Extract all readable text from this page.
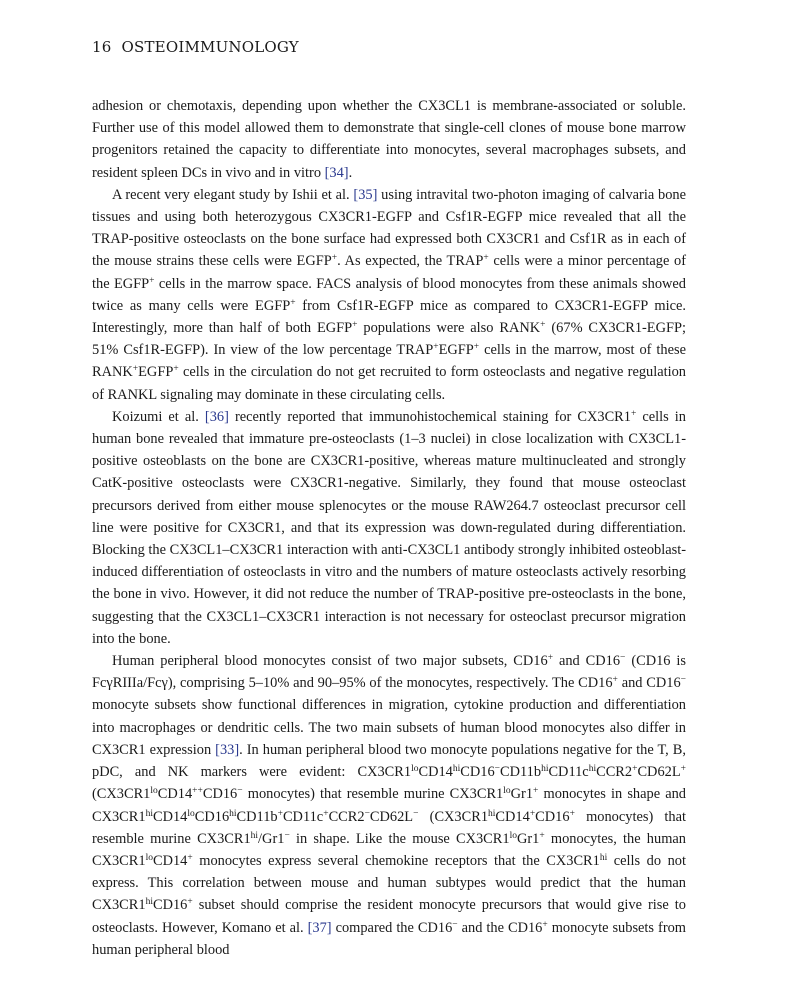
16 OSTEOIMMUNOLOGY

adhesion or chemotaxis, depending upon whether the CX3CL1 is membrane-associated or soluble. Further use of this model allowed them to demonstrate that single-cell clones of mouse bone marrow progenitors retained the capacity to differentiate into monocytes, several macrophages subsets, and resident spleen DCs in vivo and in vitro [34].

A recent very elegant study by Ishii et al. [35] using intravital two-photon imaging of calvaria bone tissues and using both heterozygous CX3CR1-EGFP and Csf1R-EGFP mice revealed that all the TRAP-positive osteoclasts on the bone surface had expressed both CX3CR1 and Csf1R as in each of the mouse strains these cells were EGFP+. As expected, the TRAP+ cells were a minor percentage of the EGFP+ cells in the marrow space. FACS analysis of blood monocytes from these animals showed twice as many cells were EGFP+ from Csf1R-EGFP mice as compared to CX3CR1-EGFP mice. Interestingly, more than half of both EGFP+ populations were also RANK+ (67% CX3CR1-EGFP; 51% Csf1R-EGFP). In view of the low percentage TRAP+EGFP+ cells in the marrow, most of these RANK+EGFP+ cells in the circulation do not get recruited to form osteoclasts and negative regulation of RANKL signaling may dominate in these circulating cells.

Koizumi et al. [36] recently reported that immunohistochemical staining for CX3CR1+ cells in human bone revealed that immature pre-osteoclasts (1–3 nuclei) in close localization with CX3CL1-positive osteoblasts on the bone are CX3CR1-positive, whereas mature multinucleated and strongly CatK-positive osteoclasts were CX3CR1-negative. Similarly, they found that mouse osteoclast precursors derived from either mouse splenocytes or the mouse RAW264.7 osteoclast precursor cell line were positive for CX3CR1, and that its expression was down-regulated during differentiation. Blocking the CX3CL1–CX3CR1 interaction with anti-CX3CL1 antibody strongly inhibited osteoblast-induced differentiation of osteoclasts in vitro and the numbers of mature osteoclasts actively resorbing the bone in vivo. However, it did not reduce the number of TRAP-positive pre-osteoclasts in the bone, suggesting that the CX3CL1–CX3CR1 interaction is not necessary for osteoclast precursor migration into the bone.

Human peripheral blood monocytes consist of two major subsets, CD16+ and CD16− (CD16 is FcγRIIIa/Fcγ), comprising 5–10% and 90–95% of the monocytes, respectively. The CD16+ and CD16− monocyte subsets show functional differences in migration, cytokine production and differentiation into macrophages or dendritic cells. The two main subsets of human blood monocytes also differ in CX3CR1 expression [33]. In human peripheral blood two monocyte populations negative for the T, B, pDC, and NK markers were evident: $CX3CR1^{lo}CD14^{hi}CD16^-CD11b^{hi}CD11c^{hi}CCR2^+CD62L^+$ ($CX3CR1^{lo}CD14^{++}CD16^-$ monocytes) that resemble murine $CX3CR1^{lo}Gr1^+$ monocytes in shape and $CX3CR1^{hi}CD14^{lo}CD16^{hi}CD11b^+CD11c^+CCR2^-CD62L^-$ ($CX3CR1^{hi}CD14^+CD16^+$ monocytes) that resemble murine $CX3CR1^{hi}/Gr1^-$ in shape. Like the mouse $CX3CR1^{lo}Gr1^+$ monocytes, the human $CX3CR1^{lo}CD14^+$ monocytes express several chemokine receptors that the $CX3CR1^{hi}$ cells do not express. This correlation between mouse and human subtypes would predict that the human $CX3CR1^{hi}CD16^+$ subset should comprise the resident monocyte precursors that would give rise to osteoclasts. However, Komano et al. [37] compared the CD16− and the CD16+ monocyte subsets from human peripheral blood
